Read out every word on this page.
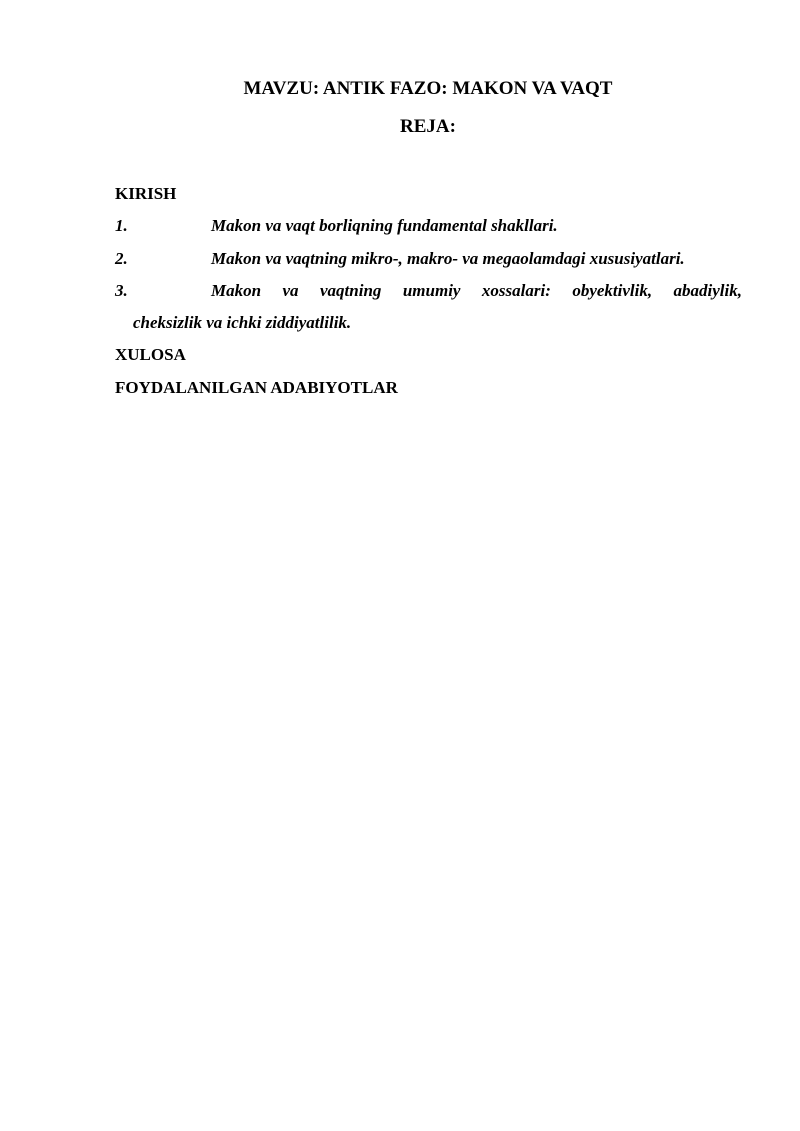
MAVZU: ANTIK FAZO: MAKON VA VAQT
REJA:
KIRISH
1.	Makon va vaqt borliqning fundamental shakllari.
2.	Makon va vaqtning mikro-, makro- va megaolamdagi xususiyatlari.
3.	Makon va vaqtning umumiy xossalari: obyektivlik, abadiylik,
cheksizlik va ichki ziddiyatlilik.
XULOSA
FOYDALANILGAN ADABIYOTLAR
